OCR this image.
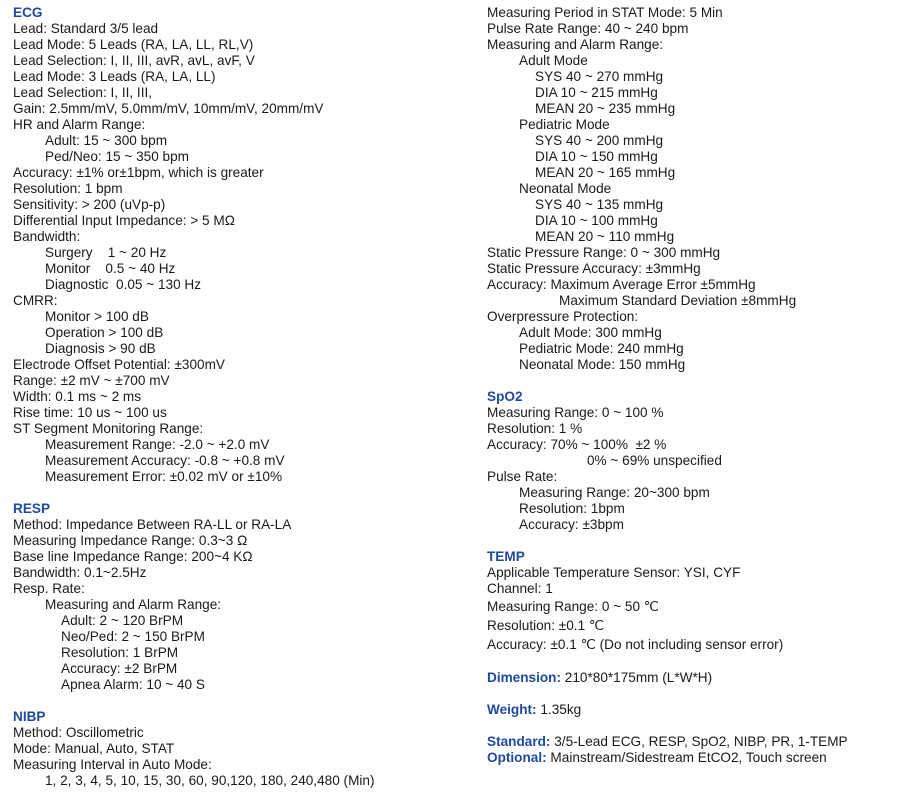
ECG
Lead: Standard 3/5 lead
Lead Mode: 5 Leads (RA, LA, LL, RL,V)
Lead Selection: I, II, III, avR, avL, avF, V
Lead Mode: 3 Leads (RA, LA, LL)
Lead Selection: I, II, III,
Gain: 2.5mm/mV, 5.0mm/mV, 10mm/mV, 20mm/mV
HR and Alarm Range:
Adult: 15 ~ 300 bpm
Ped/Neo: 15 ~ 350 bpm
Accuracy: ±1% or±1bpm, which is greater
Resolution: 1 bpm
Sensitivity: > 200 (uVp-p)
Differential Input Impedance: > 5 MΩ
Bandwidth:
Surgery    1 ~ 20 Hz
Monitor    0.5 ~ 40 Hz
Diagnostic  0.05 ~ 130 Hz
CMRR:
Monitor > 100 dB
Operation > 100 dB
Diagnosis > 90 dB
Electrode Offset Potential: ±300mV
Range: ±2 mV ~ ±700 mV
Width: 0.1 ms ~ 2 ms
Rise time: 10 us ~ 100 us
ST Segment Monitoring Range:
Measurement Range: -2.0 ~ +2.0 mV
Measurement Accuracy: -0.8 ~ +0.8 mV
Measurement Error: ±0.02 mV or ±10%
RESP
Method: Impedance Between RA-LL or RA-LA
Measuring Impedance Range: 0.3~3 Ω
Base line Impedance Range: 200~4 KΩ
Bandwidth: 0.1~2.5Hz
Resp. Rate:
Measuring and Alarm Range:
Adult: 2 ~ 120 BrPM
Neo/Ped: 2 ~ 150 BrPM
Resolution: 1 BrPM
Accuracy: ±2 BrPM
Apnea Alarm: 10 ~ 40 S
NIBP
Method: Oscillometric
Mode: Manual, Auto, STAT
Measuring Interval in Auto Mode:
1, 2, 3, 4, 5, 10, 15, 30, 60, 90,120, 180, 240,480 (Min)
Measuring Period in STAT Mode: 5 Min
Pulse Rate Range: 40 ~ 240 bpm
Measuring and Alarm Range:
Adult Mode
SYS 40 ~ 270 mmHg
DIA 10 ~ 215 mmHg
MEAN 20 ~ 235 mmHg
Pediatric Mode
SYS 40 ~ 200 mmHg
DIA 10 ~ 150 mmHg
MEAN 20 ~ 165 mmHg
Neonatal Mode
SYS 40 ~ 135 mmHg
DIA 10 ~ 100 mmHg
MEAN 20 ~ 110 mmHg
Static Pressure Range: 0 ~ 300 mmHg
Static Pressure Accuracy: ±3mmHg
Accuracy: Maximum Average Error ±5mmHg
Maximum Standard Deviation ±8mmHg
Overpressure Protection:
Adult Mode: 300 mmHg
Pediatric Mode: 240 mmHg
Neonatal Mode: 150 mmHg
SpO2
Measuring Range: 0 ~ 100 %
Resolution: 1 %
Accuracy: 70% ~ 100%  ±2 %
0% ~ 69% unspecified
Pulse Rate:
Measuring Range: 20~300 bpm
Resolution: 1bpm
Accuracy: ±3bpm
TEMP
Applicable Temperature Sensor: YSI, CYF
Channel: 1
Measuring Range: 0 ~ 50 ℃
Resolution: ±0.1 ℃
Accuracy: ±0.1 ℃ (Do not including sensor error)
Dimension: 210*80*175mm (L*W*H)
Weight: 1.35kg
Standard: 3/5-Lead ECG, RESP, SpO2, NIBP, PR, 1-TEMP
Optional: Mainstream/Sidestream EtCO2, Touch screen
